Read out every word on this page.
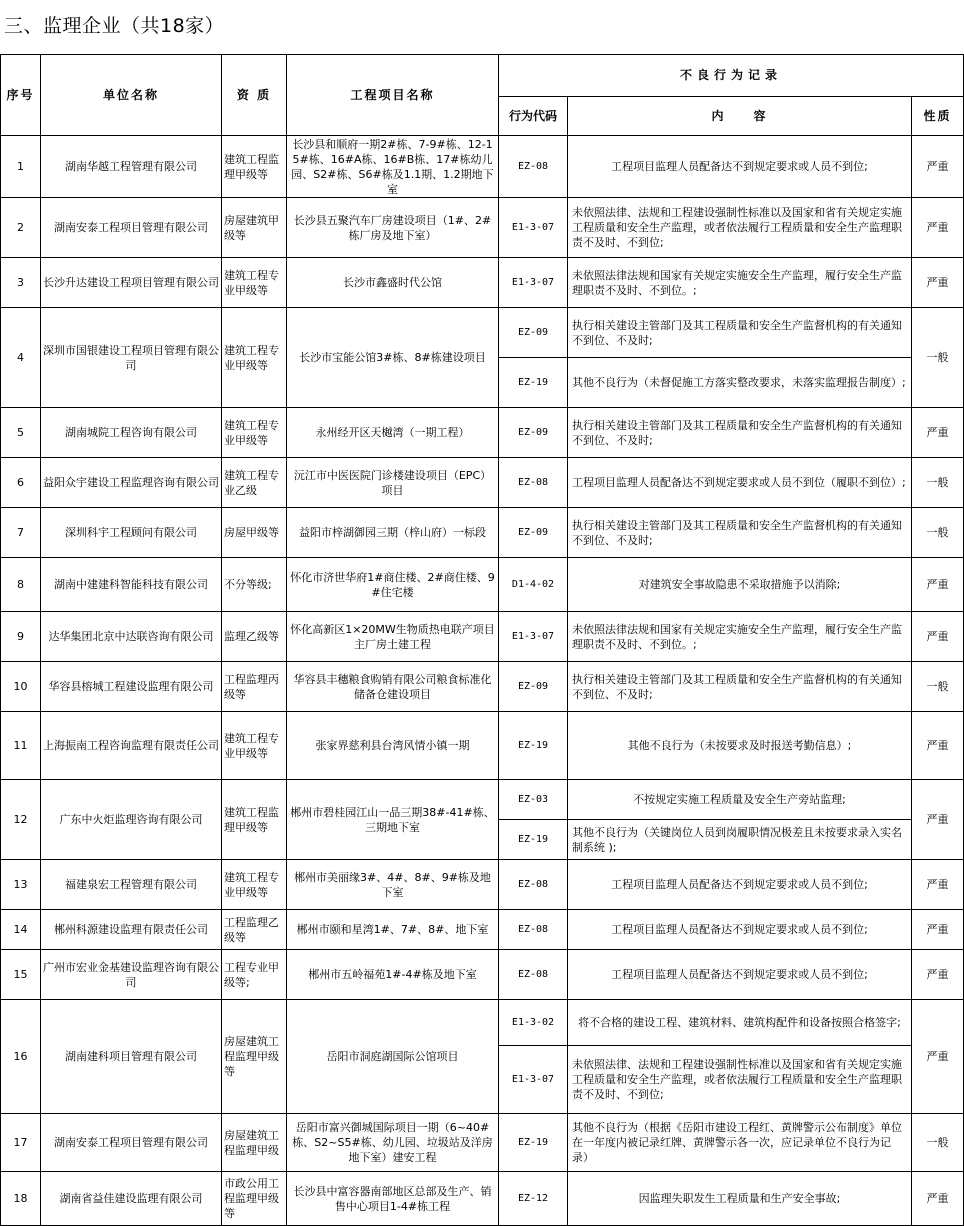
三、监理企业（共18家）
序号	单位名称	资 质	工程项目名称	不良行为记录		
				行为代码	内　　容	性质
1	湖南华越工程管理有限公司	建筑工程监理甲级等	长沙县和顺府一期2#栋、7-9#栋、12-15#栋、16#A栋、16#B栋、17#栋幼儿园、S2#栋、S6#栋及1.1期、1.2期地下室	EZ-08	工程项目监理人员配备达不到规定要求或人员不到位;	严重
2	湖南安泰工程项目管理有限公司	房屋建筑甲级等	长沙县五聚汽车厂房建设项目（1#、2#栋厂房及地下室）	E1-3-07	未依照法律、法规和工程建设强制性标准以及国家和省有关规定实施工程质量和安全生产监理，或者依法履行工程质量和安全生产监理职责不及时、不到位;	严重
3	长沙升达建设工程项目管理有限公司	建筑工程专业甲级等	长沙市鑫盛时代公馆	E1-3-07	未依照法律法规和国家有关规定实施安全生产监理，履行安全生产监理职责不及时、不到位。;	严重
4	深圳市国银建设工程项目管理有限公司	建筑工程专业甲级等	长沙市宝能公馆3#栋、8#栋建设项目	EZ-09	执行相关建设主管部门及其工程质量和安全生产监督机构的有关通知不到位、不及时;	一般
				EZ-19	其他不良行为（未督促施工方落实整改要求，未落实监理报告制度）;	
5	湖南城院工程咨询有限公司	建筑工程专业甲级等	永州经开区天樾湾（一期工程）	EZ-09	执行相关建设主管部门及其工程质量和安全生产监督机构的有关通知不到位、不及时;	严重
6	益阳众宇建设工程监理咨询有限公司	建筑工程专业乙级	沅江市中医医院门诊楼建设项目（EPC）项目	EZ-08	工程项目监理人员配备达不到规定要求或人员不到位（履职不到位）;	一般
7	深圳科宇工程顾问有限公司	房屋甲级等	益阳市梓湖御园三期（梓山府）一标段	EZ-09	执行相关建设主管部门及其工程质量和安全生产监督机构的有关通知不到位、不及时;	一般
8	湖南中建建科智能科技有限公司	不分等级;	怀化市济世华府1#商住楼、2#商住楼、9#住宅楼	D1-4-02	对建筑安全事故隐患不采取措施予以消除;	严重
9	达华集团北京中达联咨询有限公司	监理乙级等	怀化高新区1×20MW生物质热电联产项目主厂房土建工程	E1-3-07	未依照法律法规和国家有关规定实施安全生产监理，履行安全生产监理职责不及时、不到位。;	严重
10	华容县榕城工程建设监理有限公司	工程监理丙级等	华容县丰穗粮食购销有限公司粮食标准化储备仓建设项目	EZ-09	执行相关建设主管部门及其工程质量和安全生产监督机构的有关通知不到位、不及时;	一般
11	上海振南工程咨询监理有限责任公司	建筑工程专业甲级等	张家界慈利县台湾风情小镇一期	EZ-19	其他不良行为（未按要求及时报送考勤信息）;	严重
12	广东中火炬监理咨询有限公司	建筑工程监理甲级等	郴州市碧桂园江山一品三期38#-41#栋、三期地下室	EZ-03	不按规定实施工程质量及安全生产旁站监理;	严重
				EZ-19	其他不良行为（关键岗位人员到岗履职情况极差且未按要求录入实名制系统 );	
13	福建泉宏工程管理有限公司	建筑工程专业甲级等	郴州市美丽缘3#、4#、8#、9#栋及地下室	EZ-08	工程项目监理人员配备达不到规定要求或人员不到位;	严重
14	郴州科源建设监理有限责任公司	工程监理乙级等	郴州市颐和星湾1#、7#、8#、地下室	EZ-08	工程项目监理人员配备达不到规定要求或人员不到位;	严重
15	广州市宏业金基建设监理咨询有限公司	工程专业甲级等;	郴州市五岭福苑1#-4#栋及地下室	EZ-08	工程项目监理人员配备达不到规定要求或人员不到位;	严重
16	湖南建科项目管理有限公司	房屋建筑工程监理甲级等	岳阳市洞庭湖国际公馆项目	E1-3-02	将不合格的建设工程、建筑材料、建筑构配件和设备按照合格签字;	严重
				E1-3-07	未依照法律、法规和工程建设强制性标准以及国家和省有关规定实施工程质量和安全生产监理，或者依法履行工程质量和安全生产监理职责不及时、不到位;	
17	湖南安泰工程项目管理有限公司	房屋建筑工程监理甲级	岳阳市富兴御城国际项目一期（6~40#栋、S2~S5#栋、幼儿园、垃圾站及洋房地下室）建安工程	EZ-19	其他不良行为（根据《岳阳市建设工程红、黄牌警示公布制度》单位在一年度内被记录红牌、黄牌警示各一次，应记录单位不良行为记录）	一般
18	湖南省益佳建设监理有限公司	市政公用工程监理甲级等	长沙县中富容器南部地区总部及生产、销售中心项目1-4#栋工程	EZ-12	因监理失职发生工程质量和生产安全事故;	严重
